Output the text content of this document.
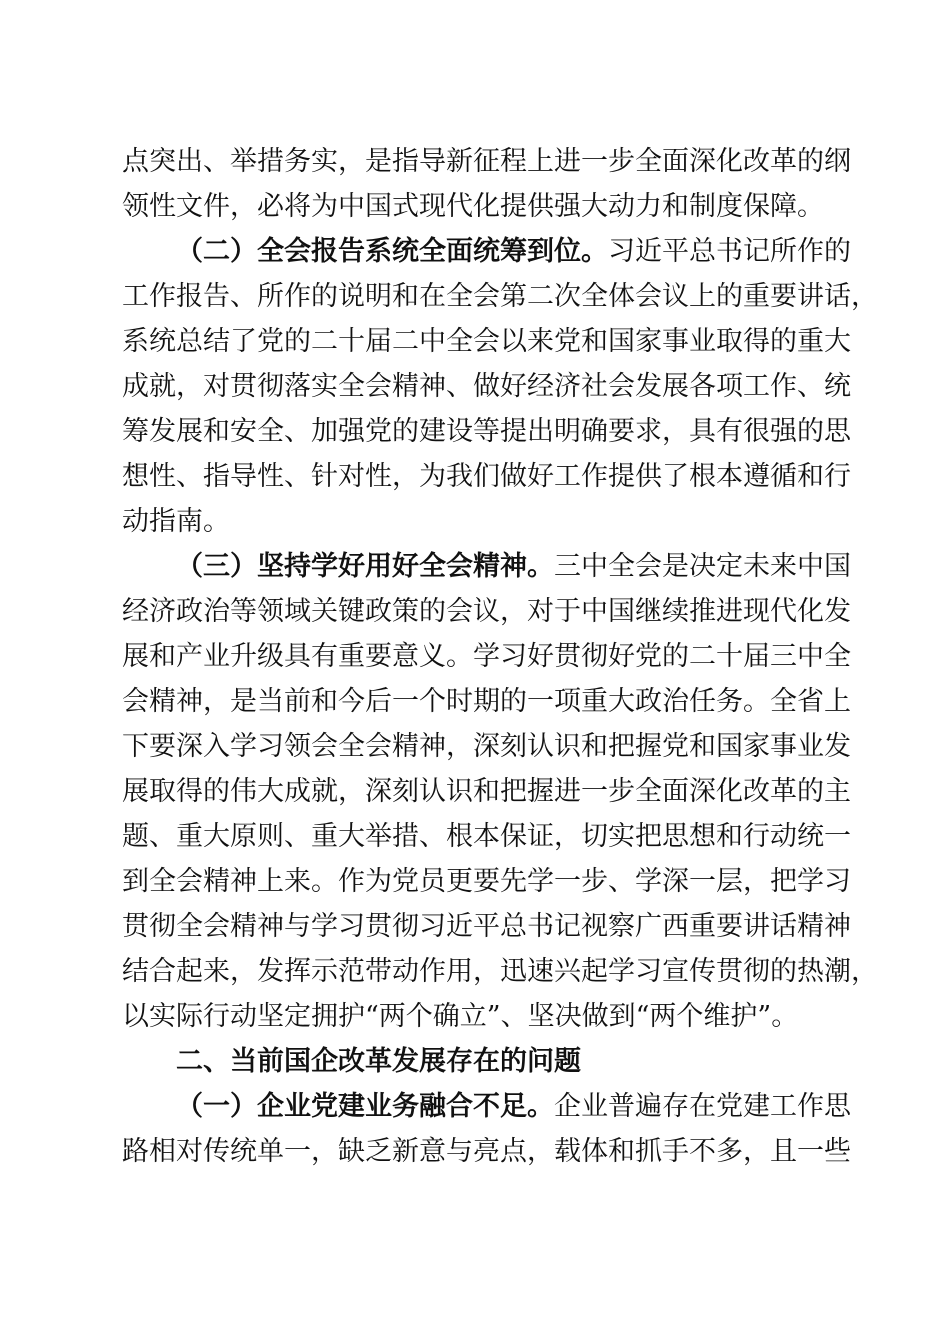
点突出、举措务实，是指导新征程上进一步全面深化改革的纲
领性文件，必将为中国式现代化提供强大动力和制度保障。
（二）全会报告系统全面统筹到位。习近平总书记所作的
工作报告、所作的说明和在全会第二次全体会议上的重要讲话，
系统总结了党的二十届二中全会以来党和国家事业取得的重大
成就，对贯彻落实全会精神、做好经济社会发展各项工作、统
筹发展和安全、加强党的建设等提出明确要求，具有很强的思
想性、指导性、针对性，为我们做好工作提供了根本遵循和行
动指南。
（三）坚持学好用好全会精神。三中全会是决定未来中国
经济政治等领域关键政策的会议，对于中国继续推进现代化发
展和产业升级具有重要意义。学习好贯彻好党的二十届三中全
会精神，是当前和今后一个时期的一项重大政治任务。全省上
下要深入学习领会全会精神，深刻认识和把握党和国家事业发
展取得的伟大成就，深刻认识和把握进一步全面深化改革的主
题、重大原则、重大举措、根本保证，切实把思想和行动统一
到全会精神上来。作为党员更要先学一步、学深一层，把学习
贯彻全会精神与学习贯彻习近平总书记视察广西重要讲话精神
结合起来，发挥示范带动作用，迅速兴起学习宣传贯彻的热潮，
以实际行动坚定拥护“两个确立”、坚决做到“两个维护”。
二、当前国企改革发展存在的问题
（一）企业党建业务融合不足。企业普遍存在党建工作思
路相对传统单一，缺乏新意与亮点，载体和抓手不多，且一些
